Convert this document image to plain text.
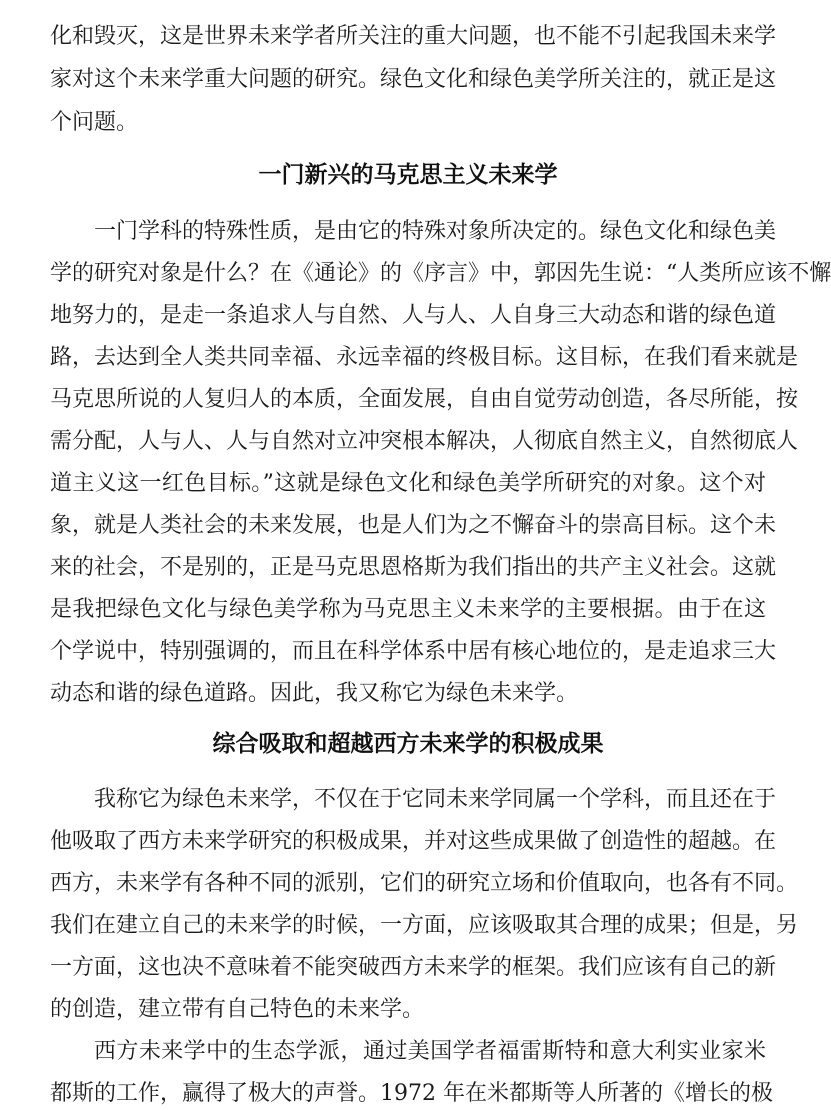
化和毁灭，这是世界未来学者所关注的重大问题，也不能不引起我国未来学
家对这个未来学重大问题的研究。绿色文化和绿色美学所关注的，就正是这
个问题。
一门新兴的马克思主义未来学
一门学科的特殊性质，是由它的特殊对象所决定的。绿色文化和绿色美
学的研究对象是什么？在《通论》的《序言》中，郭因先生说：“人类所应该不懈
地努力的，是走一条追求人与自然、人与人、人自身三大动态和谐的绿色道
路，去达到全人类共同幸福、永远幸福的终极目标。这目标，在我们看来就是
马克思所说的人复归人的本质，全面发展，自由自觉劳动创造，各尽所能，按
需分配，人与人、人与自然对立冲突根本解决，人彻底自然主义，自然彻底人
道主义这一红色目标。”这就是绿色文化和绿色美学所研究的对象。这个对
象，就是人类社会的未来发展，也是人们为之不懈奋斗的崇高目标。这个未
来的社会，不是别的，正是马克思恩格斯为我们指出的共产主义社会。这就
是我把绿色文化与绿色美学称为马克思主义未来学的主要根据。由于在这
个学说中，特别强调的，而且在科学体系中居有核心地位的，是走追求三大
动态和谐的绿色道路。因此，我又称它为绿色未来学。
综合吸取和超越西方未来学的积极成果
我称它为绿色未来学，不仅在于它同未来学同属一个学科，而且还在于
他吸取了西方未来学研究的积极成果，并对这些成果做了创造性的超越。在
西方，未来学有各种不同的派别，它们的研究立场和价值取向，也各有不同。
我们在建立自己的未来学的时候，一方面，应该吸取其合理的成果；但是，另
一方面，这也决不意味着不能突破西方未来学的框架。我们应该有自己的新
的创造，建立带有自己特色的未来学。
西方未来学中的生态学派，通过美国学者福雷斯特和意大利实业家米
都斯的工作，赢得了极大的声誉。1972 年在米都斯等人所著的《增长的极
